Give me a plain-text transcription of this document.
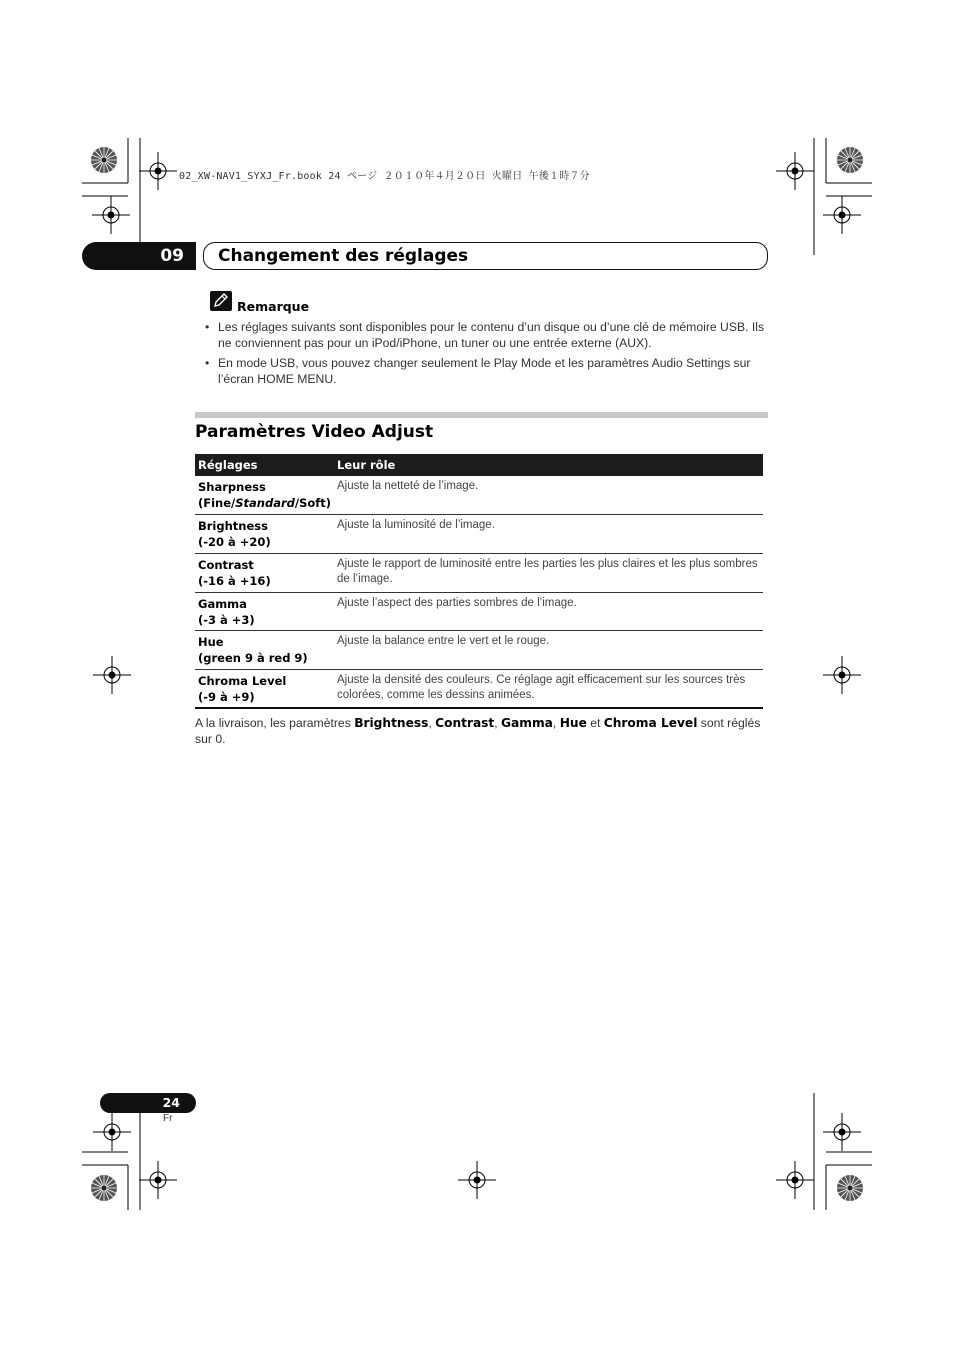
02_XW-NAV1_SYXJ_Fr.book 24 ページ ２０１０年４月２０日 火曜日 午後１時７分
09	Changement des réglages
Remarque
• Les réglages suivants sont disponibles pour le contenu d’un disque ou d’une clé de mémoire USB. Ils ne conviennent pas pour un iPod/iPhone, un tuner ou une entrée externe (AUX).
• En mode USB, vous pouvez changer seulement le Play Mode et les paramètres Audio Settings sur l’écran HOME MENU.
Paramètres Video Adjust
Réglages	Leur rôle

Sharpness
(Fine/Standard/Soft)	Ajuste la netteté de l’image.

Brightness
(-20 à +20)	Ajuste la luminosité de l’image.

Contrast
(-16 à +16)	Ajuste le rapport de luminosité entre les parties les plus claires et les plus sombres de l’image.

Gamma
(-3 à +3)	Ajuste l’aspect des parties sombres de l’image.

Hue
(green 9 à red 9)	Ajuste la balance entre le vert et le rouge.

Chroma Level
(-9 à +9)	Ajuste la densité des couleurs. Ce réglage agit efficacement sur les sources très colorées, comme les dessins animées.
A la livraison, les paramètres Brightness, Contrast, Gamma, Hue et Chroma Level sont réglés sur 0.
24
Fr
